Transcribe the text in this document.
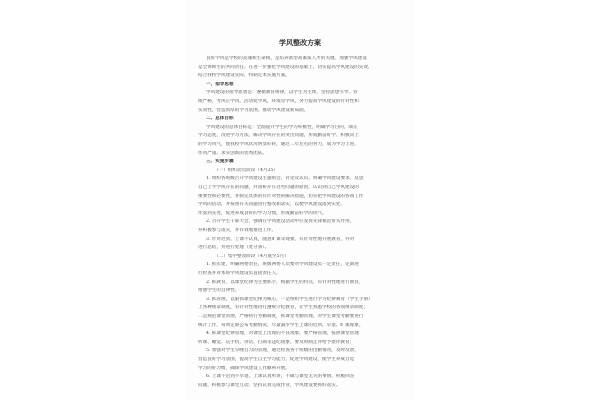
学风整改方案
良好学风是学校的灵魂和生命线，是培养新型高素质人才的关键。加强学风建设
是全体师生的共同责任。在进一步强化学风建设的基础上，切实提高学风建设的实效，
结合我校学风建设实际，特制定本实施方案。
一、指导思想
学风建设的指导思想是：遵循教育规律，以学生为主体，坚持思想引导、管
理严格，考风正学风，活动促学风，环境育学风，努力提高学风建设的针对性和
实效性，营造浓厚的学习氛围，推动学风建设新局面。
二、总体目标
学风建设的总体目标是：全面提升学生的学习积极性，明确学习目的，端正
学习态度，改进学习方法，解决学风存在的突出问题，形成勤奋好学、积极向上
的学习风气，使我校学风状况明显好转，通过二年左右的努力，成为学习上进、
作风严谨、求实创新的优秀团队。
三、实施步骤
（一）组织动员阶段（4月25）
1. 组织各班级召开学风建设主题班会，讨论及认识，明确学风建设要求，反思
自己上半学风存在的问题，并剖析存在这些问题的原因，认识到自己学风建设的
重要性和必要性，并制定具体的有针对性的解决措施，切实把学风建设的各项工作
学风的活动，并按照有关问题进行整改和落实，以便学风建设落到实处。
作落到实处，促进养成良好的学习习惯，形成勤奋好学的风气。
2. 召开学生干部大会，强调在学风建设活动中应发挥先锋模范带头作用，
并积极参与落实，并有效地推进工作。
3. 针对迟到、上课不认真，随意旷课等现象，有针对性地开展教育，并对
进行总结，并进行处理（处分条）。
（二）集中整改阶段（4月底至5月）
1. 抓实建，明确两委责任，班级两委人员要对学风建设负一定责任，定期进
行检查并对本班学风建设负直接责任人。
2. 抓教育，以课堂纪律为主要抓手，根据学生的特点，有针对性地进行教育，
增强学生的自律性。
3. 抓管理，以狠抓课堂纪律为核心，一是组织学生进行学习纪律教育（学生手册）
上各种规章制度，有针对性地进行遵规守纪教育，让学生熟悉学校的各项规章制度；
二是规范课堂管理，严格执行考勤制度，抓课堂考勤管理，对学生课堂考勤要进行
统计工作，每周定期公布考勤情况，尽量减少学生上课的迟到、早退、旷课现象。
4. 抓课堂纪律管理，对课堂上出现的不良现象，要严格管理，按照课堂管理
听课、睡觉、玩手机、讲话、打闹等违纪现象，要及时制止并给予批评教育；
5. 加强对学生早晚自习的管理，通过检查各个班级的出勤情况，及时反馈，
营造良好学习氛围，提高学生自主学习能力，促进学风建设，使学生养成自觉
学习的好习惯，确保学风建设工作顺利开展。
6. 上课不迟到不早退，上课认真听讲，不做与课堂无关的事情，积极回答
问题，积极参与课堂互动，坚持认真完成作业，学风建设要抓好落实。
